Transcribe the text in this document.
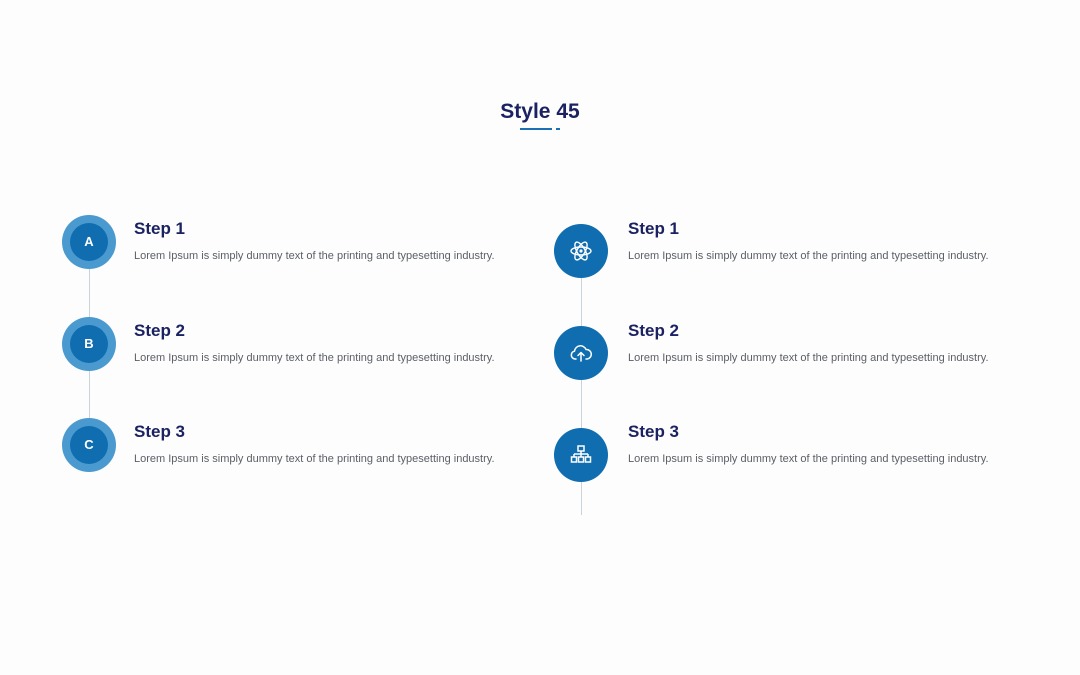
Style 45
A
Step 1
Lorem Ipsum is simply dummy text of the printing and typesetting industry.
B
Step 2
Lorem Ipsum is simply dummy text of the printing and typesetting industry.
C
Step 3
Lorem Ipsum is simply dummy text of the printing and typesetting industry.
Step 1
Lorem Ipsum is simply dummy text of the printing and typesetting industry.
Step 2
Lorem Ipsum is simply dummy text of the printing and typesetting industry.
Step 3
Lorem Ipsum is simply dummy text of the printing and typesetting industry.
